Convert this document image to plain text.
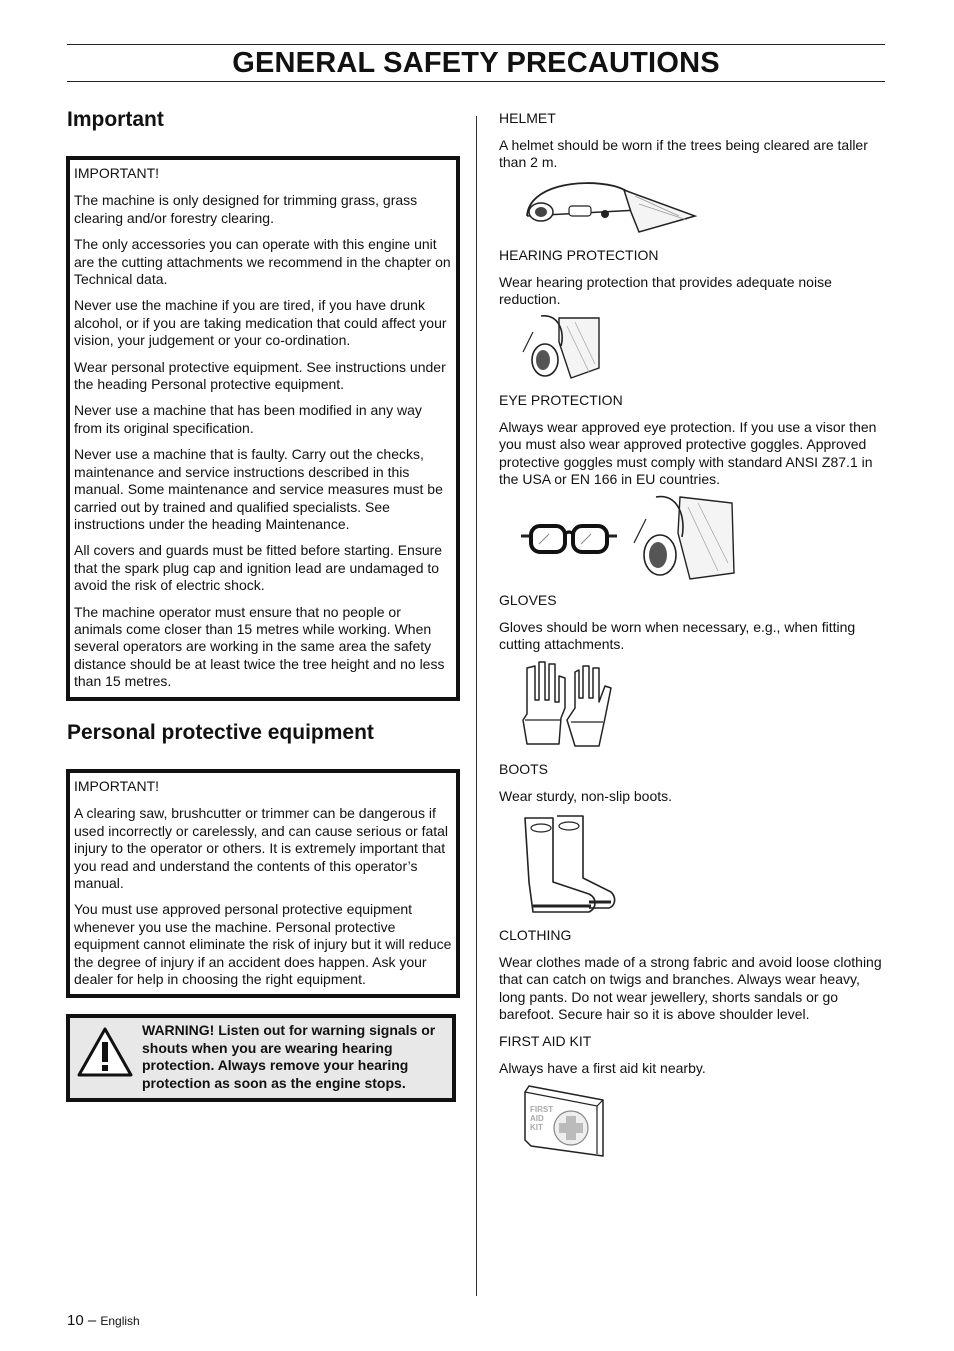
GENERAL SAFETY PRECAUTIONS
Important

IMPORTANT!

The machine is only designed for trimming grass, grass clearing and/or forestry clearing.

The only accessories you can operate with this engine unit are the cutting attachments we recommend in the chapter on Technical data.

Never use the machine if you are tired, if you have drunk alcohol, or if you are taking medication that could affect your vision, your judgement or your co-ordination.

Wear personal protective equipment. See instructions under the heading Personal protective equipment.

Never use a machine that has been modified in any way from its original specification.

Never use a machine that is faulty. Carry out the checks, maintenance and service instructions described in this manual. Some maintenance and service measures must be carried out by trained and qualified specialists. See instructions under the heading Maintenance.

All covers and guards must be fitted before starting. Ensure that the spark plug cap and ignition lead are undamaged to avoid the risk of electric shock.

The machine operator must ensure that no people or animals come closer than 15 metres while working. When several operators are working in the same area the safety distance should be at least twice the tree height and no less than 15 metres.

Personal protective equipment

IMPORTANT!

A clearing saw, brushcutter or trimmer can be dangerous if used incorrectly or carelessly, and can cause serious or fatal injury to the operator or others. It is extremely important that you read and understand the contents of this operator’s manual.

You must use approved personal protective equipment whenever you use the machine. Personal protective equipment cannot eliminate the risk of injury but it will reduce the degree of injury if an accident does happen. Ask your dealer for help in choosing the right equipment.

WARNING! Listen out for warning signals or shouts when you are wearing hearing protection. Always remove your hearing protection as soon as the engine stops.
HELMET
A helmet should be worn if the trees being cleared are taller than 2 m.
HEARING PROTECTION
Wear hearing protection that provides adequate noise reduction.
EYE PROTECTION
Always wear approved eye protection. If you use a visor then you must also wear approved protective goggles. Approved protective goggles must comply with standard ANSI Z87.1 in the USA or EN 166 in EU countries.
GLOVES
Gloves should be worn when necessary, e.g., when fitting cutting attachments.
BOOTS
Wear sturdy, non-slip boots.
CLOTHING
Wear clothes made of a strong fabric and avoid loose clothing that can catch on twigs and branches. Always wear heavy, long pants. Do not wear jewellery, shorts sandals or go barefoot. Secure hair so it is above shoulder level.
FIRST AID KIT
Always have a first aid kit nearby.
FIRST
AID
KIT
10 – English
